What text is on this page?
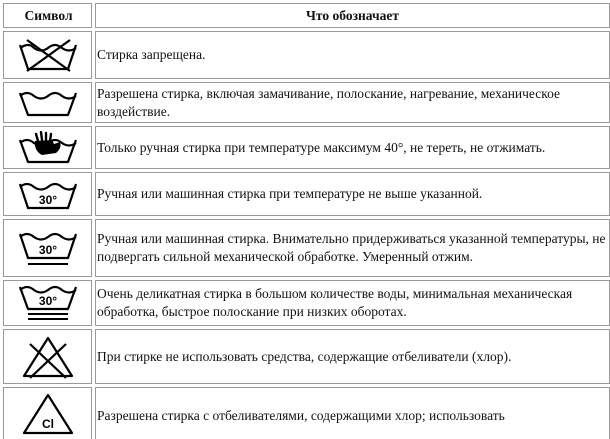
Символ	Что обозначает

	Стирка запрещена.

	Разрешена стирка, включая замачивание, полоскание, нагревание, механическое воздействие.

	Только ручная стирка при температуре максимум 40°, не тереть, не отжимать.

30°	Ручная или машинная стирка при температуре не выше указанной.

30°	Ручная или машинная стирка. Внимательно придерживаться указанной температуры, не подвергать сильной механической обработке. Умеренный отжим.

30°	Очень деликатная стирка в большом количестве воды, минимальная механическая обработка, быстрое полоскание при низких оборотах.

	При стирке не использовать средства, содержащие отбеливатели (хлор).

Cl	Разрешена стирка с отбеливателями, содержащими хлор; использовать
